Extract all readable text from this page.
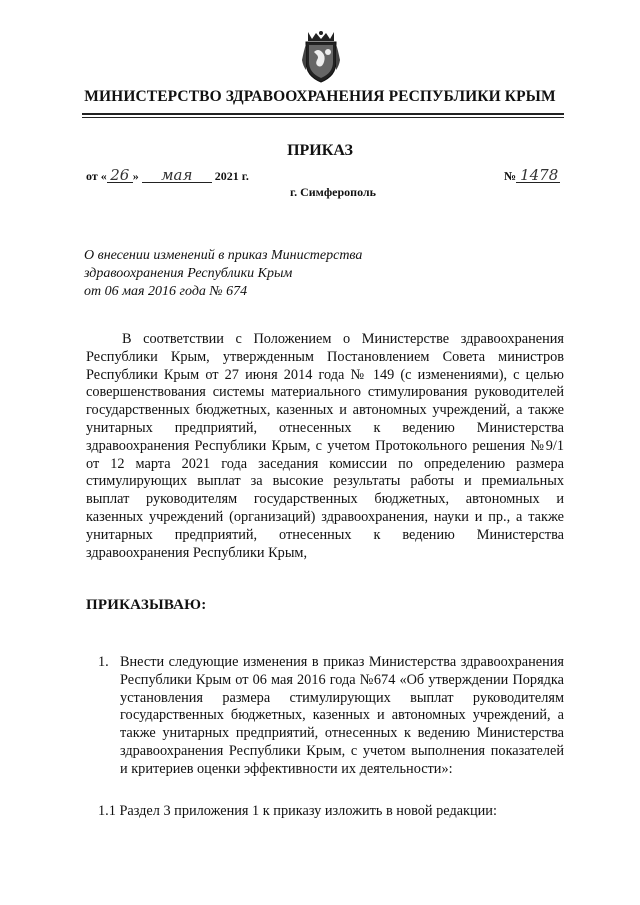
МИНИСТЕРСТВО ЗДРАВООХРАНЕНИЯ РЕСПУБЛИКИ КРЫМ
ПРИКАЗ
от « 26 » мая 2021 г.	№ 1478
г. Симферополь
О внесении изменений в приказ Министерства
здравоохранения Республики Крым
от 06 мая 2016 года № 674
В соответствии с Положением о Министерстве здравоохранения
Республики Крым, утвержденным Постановлением Совета министров
Республики Крым от 27 июня 2014 года № 149 (с изменениями), с целью
совершенствования системы материального стимулирования руководителей
государственных бюджетных, казенных и автономных учреждений, а также
унитарных предприятий, отнесенных к ведению Министерства
здравоохранения Республики Крым, с учетом Протокольного решения №9/1
от 12 марта 2021 года заседания комиссии по определению размера
стимулирующих выплат за высокие результаты работы и премиальных
выплат руководителям государственных бюджетных, автономных и
казенных учреждений (организаций) здравоохранения, науки и пр., а также
унитарных предприятий, отнесенных к ведению Министерства
здравоохранения Республики Крым,
ПРИКАЗЫВАЮ:
1. Внести следующие изменения в приказ Министерства здравоохранения
Республики Крым от 06 мая 2016 года №674 «Об утверждении Порядка
установления размера стимулирующих выплат руководителям
государственных бюджетных, казенных и автономных учреждений, а
также унитарных предприятий, отнесенных к ведению Министерства
здравоохранения Республики Крым, с учетом выполнения показателей
и критериев оценки эффективности их деятельности»:
1.1 Раздел 3 приложения 1 к приказу изложить в новой редакции:
